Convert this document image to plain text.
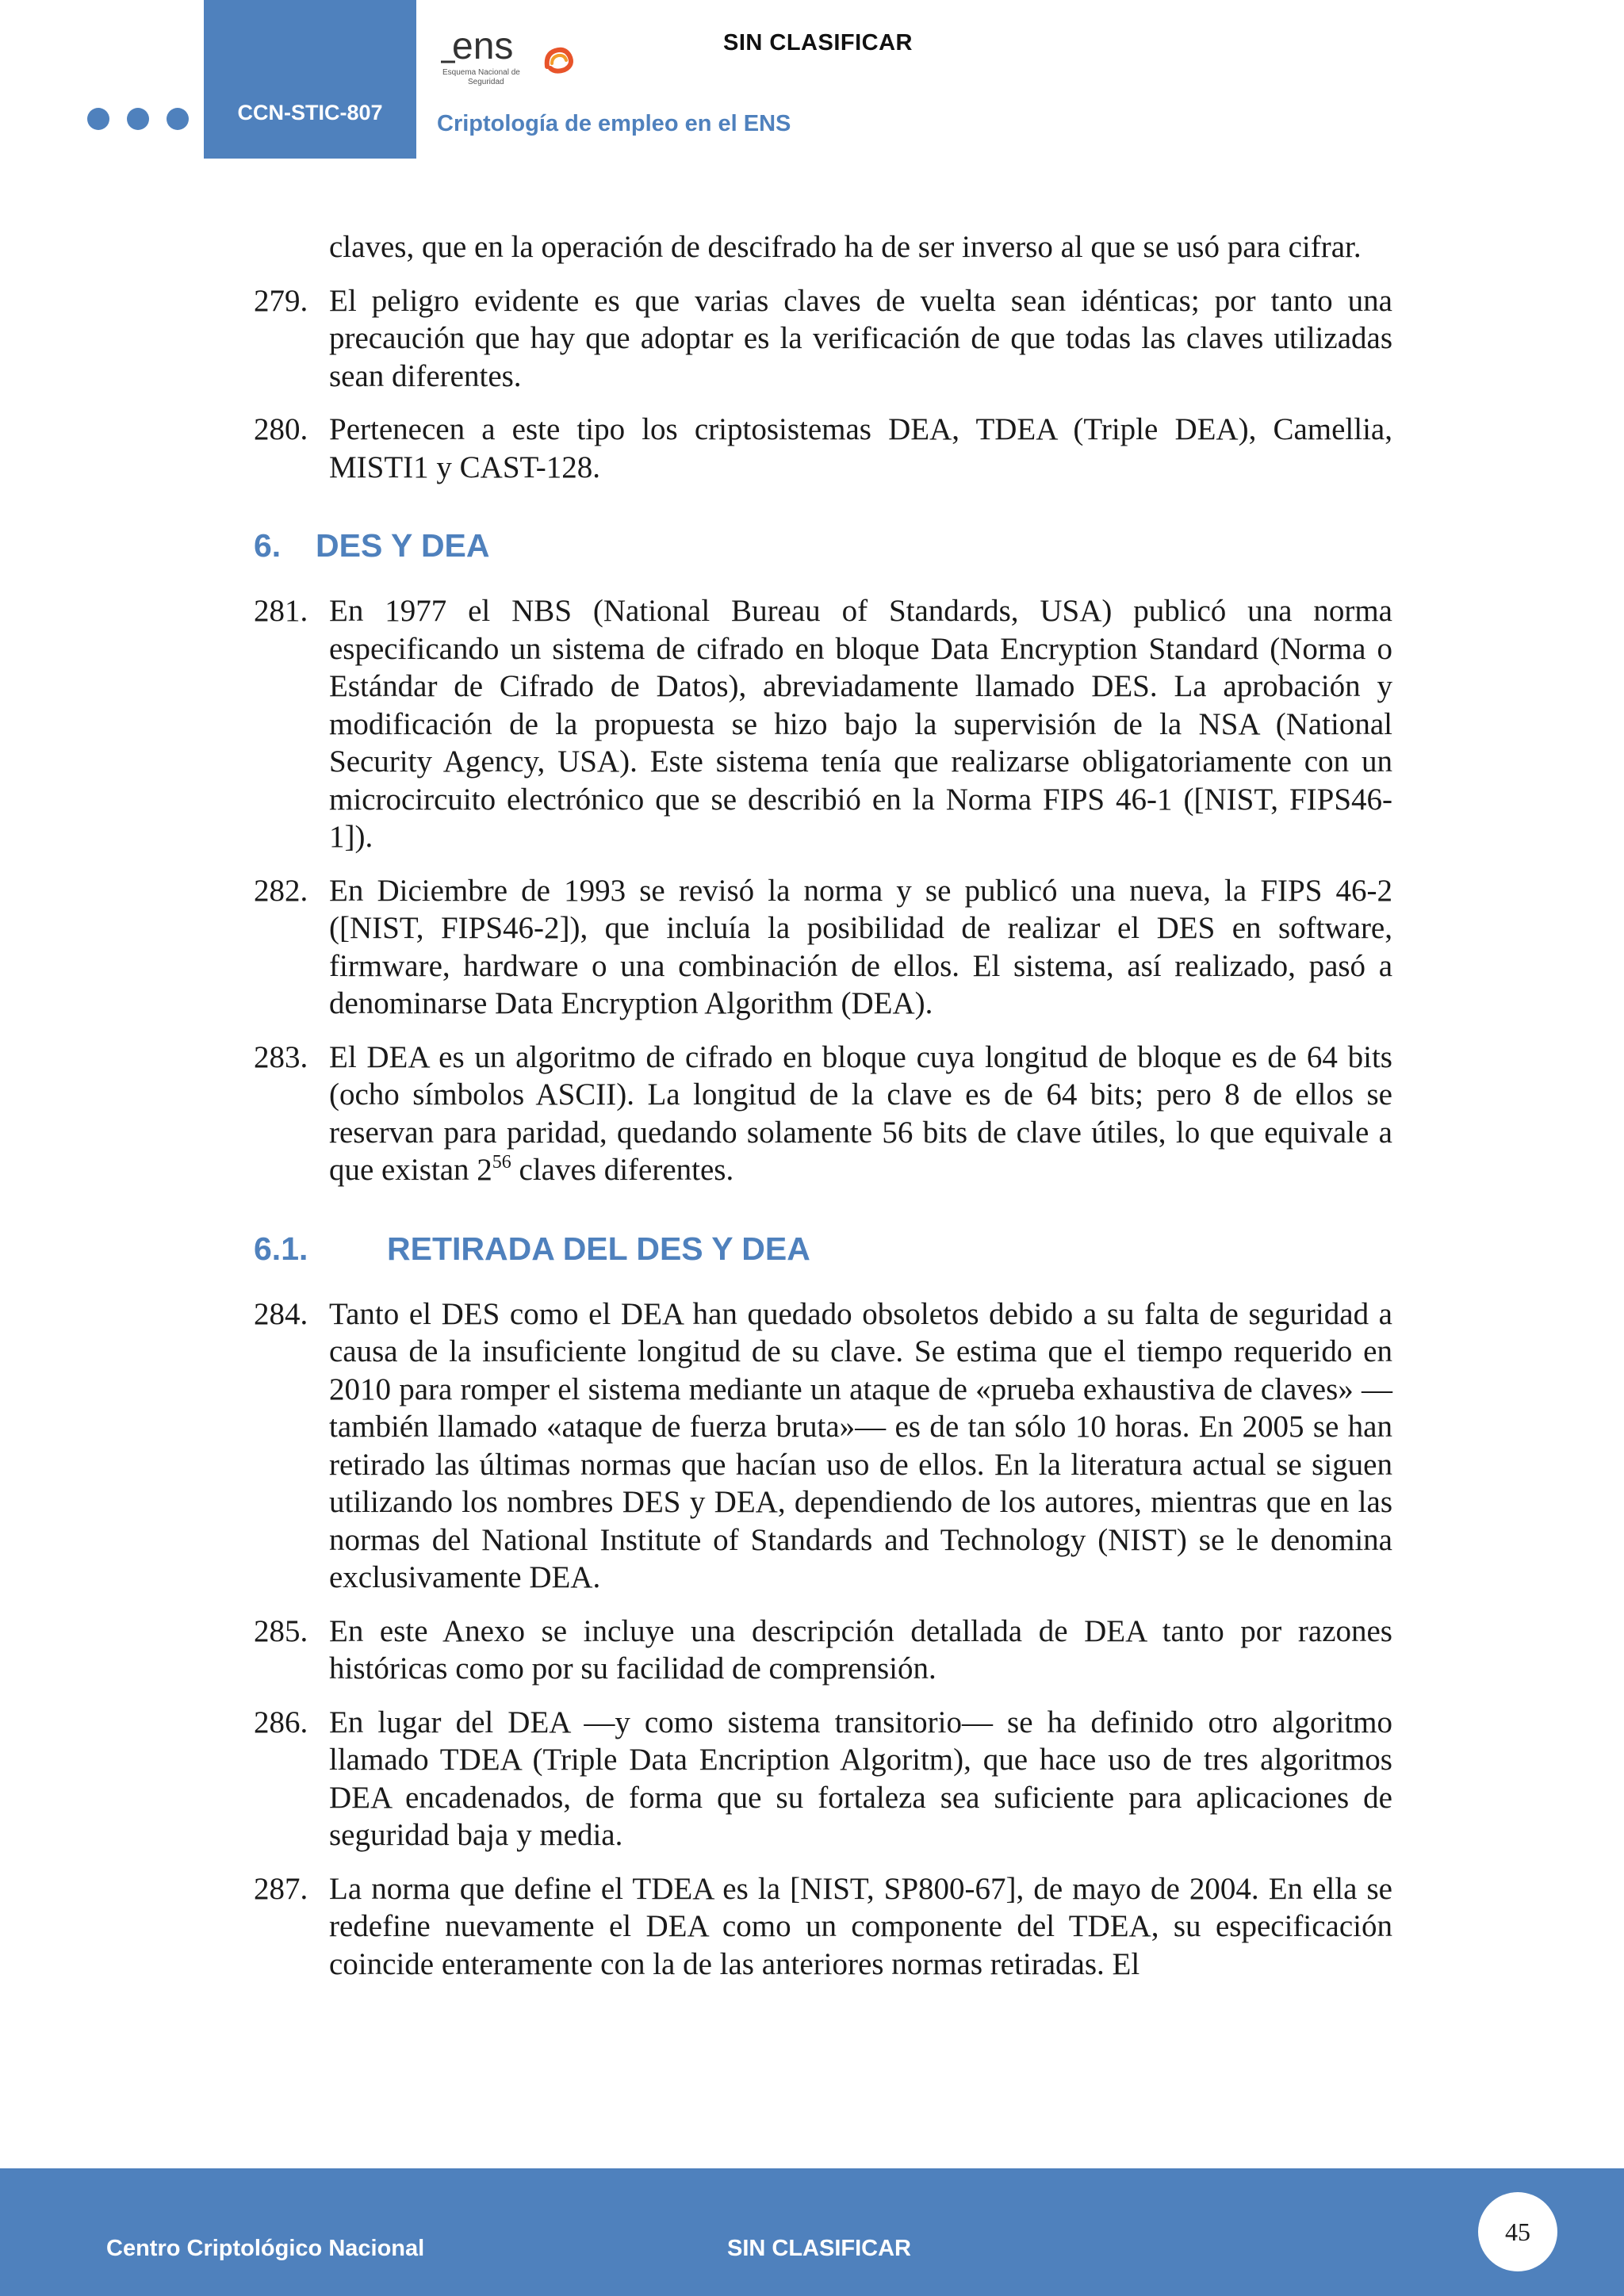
CCN-STIC-807
ens
Esquema Nacional de
Seguridad
SIN CLASIFICAR
Criptología de empleo en el ENS
claves, que en la operación de descifrado ha de ser inverso al que se usó para cifrar.
279. El peligro evidente es que varias claves de vuelta sean idénticas; por tanto una precaución que hay que adoptar es la verificación de que todas las claves utilizadas sean diferentes.
280. Pertenecen a este tipo los criptosistemas DEA, TDEA (Triple DEA), Camellia, MISTI1 y CAST-128.
6. DES Y DEA
281. En 1977 el NBS (National Bureau of Standards, USA) publicó una norma especificando un sistema de cifrado en bloque Data Encryption Standard (Norma o Estándar de Cifrado de Datos), abreviadamente llamado DES. La aprobación y modificación de la propuesta se hizo bajo la supervisión de la NSA (National Security Agency, USA). Este sistema tenía que realizarse obligatoriamente con un microcircuito electrónico que se describió en la Norma FIPS 46-1 ([NIST, FIPS46-1]).
282. En Diciembre de 1993 se revisó la norma y se publicó una nueva, la FIPS 46-2 ([NIST, FIPS46-2]), que incluía la posibilidad de realizar el DES en software, firmware, hardware o una combinación de ellos. El sistema, así realizado, pasó a denominarse Data Encryption Algorithm (DEA).
283. El DEA es un algoritmo de cifrado en bloque cuya longitud de bloque es de 64 bits (ocho símbolos ASCII). La longitud de la clave es de 64 bits; pero 8 de ellos se reservan para paridad, quedando solamente 56 bits de clave útiles, lo que equivale a que existan $2^{56}$ claves diferentes.
6.1. RETIRADA DEL DES Y DEA
284. Tanto el DES como el DEA han quedado obsoletos debido a su falta de seguridad a causa de la insuficiente longitud de su clave. Se estima que el tiempo requerido en 2010 para romper el sistema mediante un ataque de «prueba exhaustiva de claves» —también llamado «ataque de fuerza bruta»— es de tan sólo 10 horas. En 2005 se han retirado las últimas normas que hacían uso de ellos. En la literatura actual se siguen utilizando los nombres DES y DEA, dependiendo de los autores, mientras que en las normas del National Institute of Standards and Technology (NIST) se le denomina exclusivamente DEA.
285. En este Anexo se incluye una descripción detallada de DEA tanto por razones históricas como por su facilidad de comprensión.
286. En lugar del DEA —y como sistema transitorio— se ha definido otro algoritmo llamado TDEA (Triple Data Encription Algoritm), que hace uso de tres algoritmos DEA encadenados, de forma que su fortaleza sea suficiente para aplicaciones de seguridad baja y media.
287. La norma que define el TDEA es la [NIST, SP800-67], de mayo de 2004. En ella se redefine nuevamente el DEA como un componente del TDEA, su especificación coincide enteramente con la de las anteriores normas retiradas. El
Centro Criptológico Nacional	SIN CLASIFICAR
45
